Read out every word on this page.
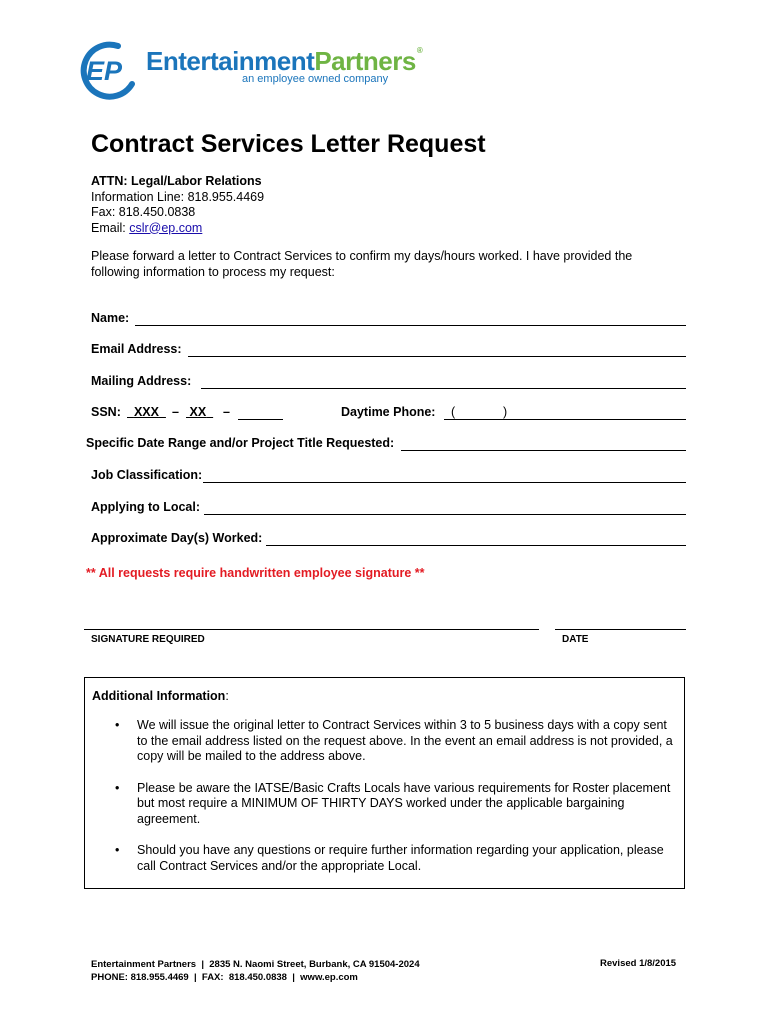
EP EntertainmentPartners®
an employee owned company
Contract Services Letter Request
ATTN: Legal/Labor Relations
Information Line: 818.955.4469
Fax: 818.450.0838
Email: cslr@ep.com
Please forward a letter to Contract Services to confirm my days/hours worked. I have provided the following information to process my request:
Name:
Email Address:
Mailing Address:
SSN:	XXX	– XX	–	Daytime Phone: (	)
Specific Date Range and/or Project Title Requested:
Job Classification:
Applying to Local:
Approximate Day(s) Worked:
** All requests require handwritten employee signature **
SIGNATURE REQUIRED	DATE
Additional Information:
• We will issue the original letter to Contract Services within 3 to 5 business days with a copy sent to the email address listed on the request above. In the event an email address is not provided, a copy will be mailed to the address above.
• Please be aware the IATSE/Basic Crafts Locals have various requirements for Roster placement but most require a MINIMUM OF THIRTY DAYS worked under the applicable bargaining agreement.
• Should you have any questions or require further information regarding your application, please call Contract Services and/or the appropriate Local.
Entertainment Partners  |  2835 N. Naomi Street, Burbank, CA 91504-2024
PHONE: 818.955.4469  |  FAX:  818.450.0838  |  www.ep.com
Revised 1/8/2015
